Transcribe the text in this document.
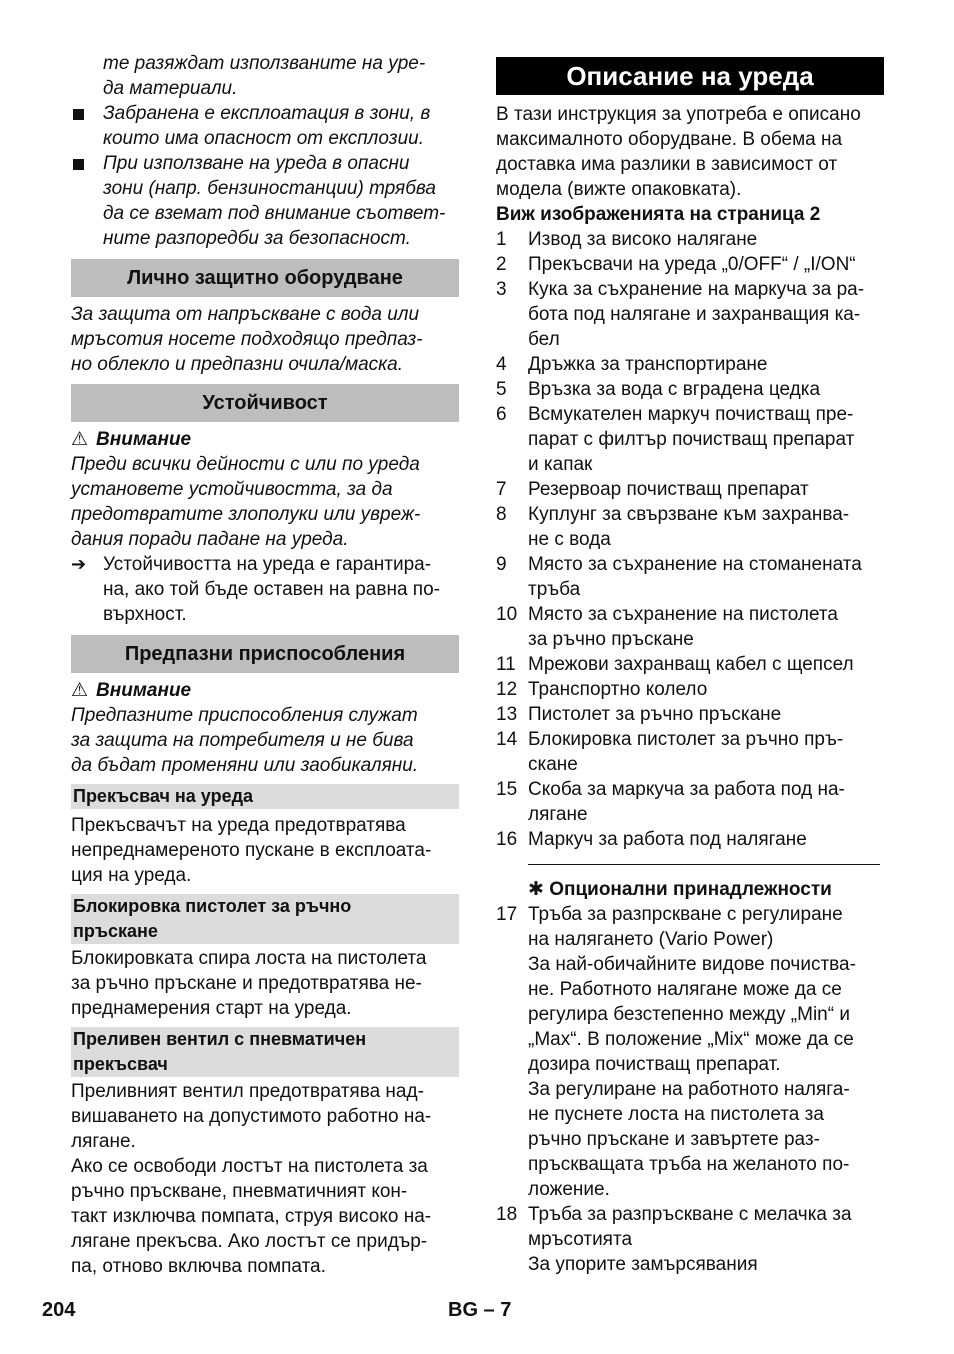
те разяждат използваните на уре-

да материали.

Забранена е експлоатация в зони, в

които има опасност от експлозии.

При използване на уреда в опасни

зони (напр. бензиностанции) трябва

да се вземат под внимание съответ-

ните разпоредби за безопасност.

Лично защитно оборудване

За защита от напръскване с вода или

мръсотия носете подходящо предпаз-

но облекло и предпазни очила/маска.

Устойчивост

⚠ Внимание

Преди всички дейности с или по уреда

установете устойчивостта, за да

предотвратите злополуки или увреж-

дания поради падане на уреда.

➔ Устойчивостта на уреда е гарантира-

на, ако той бъде оставен на равна по-

върхност.

Предпазни приспособления

⚠ Внимание

Предпазните приспособления служат

за защита на потребителя и не бива

да бъдат променяни или заобикаляни.

Прекъсвач на уреда

Прекъсвачът на уреда предотвратява

непреднамереното пускане в експлоата-

ция на уреда.

Блокировка пистолет за ръчно

пръскане

Блокировката спира лоста на пистолета

за ръчно пръскане и предотвратява не-

преднамерения старт на уреда.

Преливен вентил с пневматичен

прекъсвач

Преливният вентил предотвратява над-

вишаването на допустимото работно на-

лягане.

Ако се освободи лостът на пистолета за

ръчно пръскване, пневматичният кон-

такт изключва помпата, струя високо на-

лягане прекъсва. Ако лостът се придър-

па, отново включва помпата.

Описание на уреда

В тази инструкция за употреба е описано

максималното оборудване. В обема на

доставка има разлики в зависимост от

модела (вижте опаковката).

Виж изображенията на страница 2

1 Извод за високо налягане

2 Прекъсвачи на уреда „0/OFF“ / „I/ON“

3 Кука за съхранение на маркуча за ра-

бота под налягане и захранващия ка-

бел

4 Дръжка за транспортиране

5 Връзка за вода с вградена цедка

6 Всмукателен маркуч почистващ пре-

парат с филтър почистващ препарат

и капак

7 Резервоар почистващ препарат

8 Куплунг за свързване към захранва-

не с вода

9 Място за съхранение на стоманената

тръба

10 Място за съхранение на пистолета

за ръчно пръскане

11 Мрежови захранващ кабел с щепсел

12 Транспортно колело

13 Пистолет за ръчно пръскане

14 Блокировка пистолет за ръчно пръ-

скане

15 Скоба за маркуча за работа под на-

лягане

16 Маркуч за работа под налягане

✱ Опционални принадлежности

17 Тръба за разпрскване с регулиране

на налягането (Vario Power)

За най-обичайните видове почиства-

не. Работното налягане може да се

регулира безстепенно между „Min“ и

„Max“. В положение „Mix“ може да се

дозира почистващ препарат.

За регулиране на работното наляга-

не пуснете лоста на пистолета за

ръчно пръскане и завъртете раз-

пръскващата тръба на желаното по-

ложение.

18 Тръба за разпръскване с мелачка за

мръсотията

За упорите замърсявания

204	BG – 7
